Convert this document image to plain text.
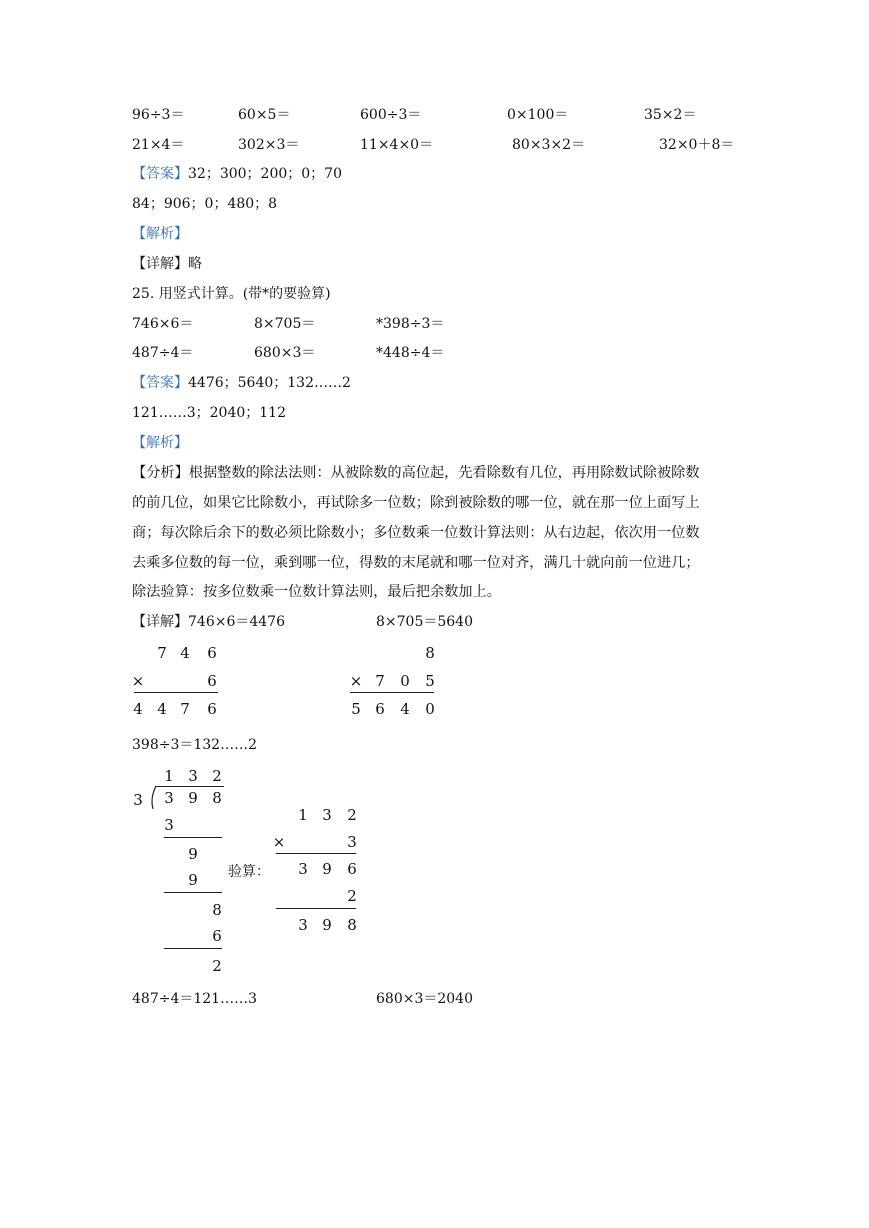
96÷3＝	60×5＝	600÷3＝	0×100＝	35×2＝
21×4＝	302×3＝	11×4×0＝	80×3×2＝	32×0＋8＝
【答案】32；300；200；0；70
84；906；0；480；8
【解析】
【详解】略
25. 用竖式计算。(带*的要验算)
746×6＝	8×705＝	*398÷3＝
487÷4＝	680×3＝	*448÷4＝
【答案】4476；5640；132……2
121……3；2040；112
【解析】
【分析】根据整数的除法法则：从被除数的高位起，先看除数有几位，再用除数试除被除数
的前几位，如果它比除数小，再试除多一位数；除到被除数的哪一位，就在那一位上面写上
商；每次除后余下的数必须比除数小；多位数乘一位数计算法则：从右边起，依次用一位数
去乘多位数的每一位，乘到哪一位，得数的末尾就和哪一位对齐，满几十就向前一位进几；
除法验算：按多位数乘一位数计算法则，最后把余数加上。
【详解】746×6＝4476	8×705＝5640
7 4 6
×	6
4 4 7 6
8
× 7 0 5
5 6 4 0
398÷3＝132……2
1 3 2
3 3 9 8
3
9
9
8
6
2
验算：
1 3 2
×	3
3 9 6
2
3 9 8
487÷4＝121……3	680×3＝2040
